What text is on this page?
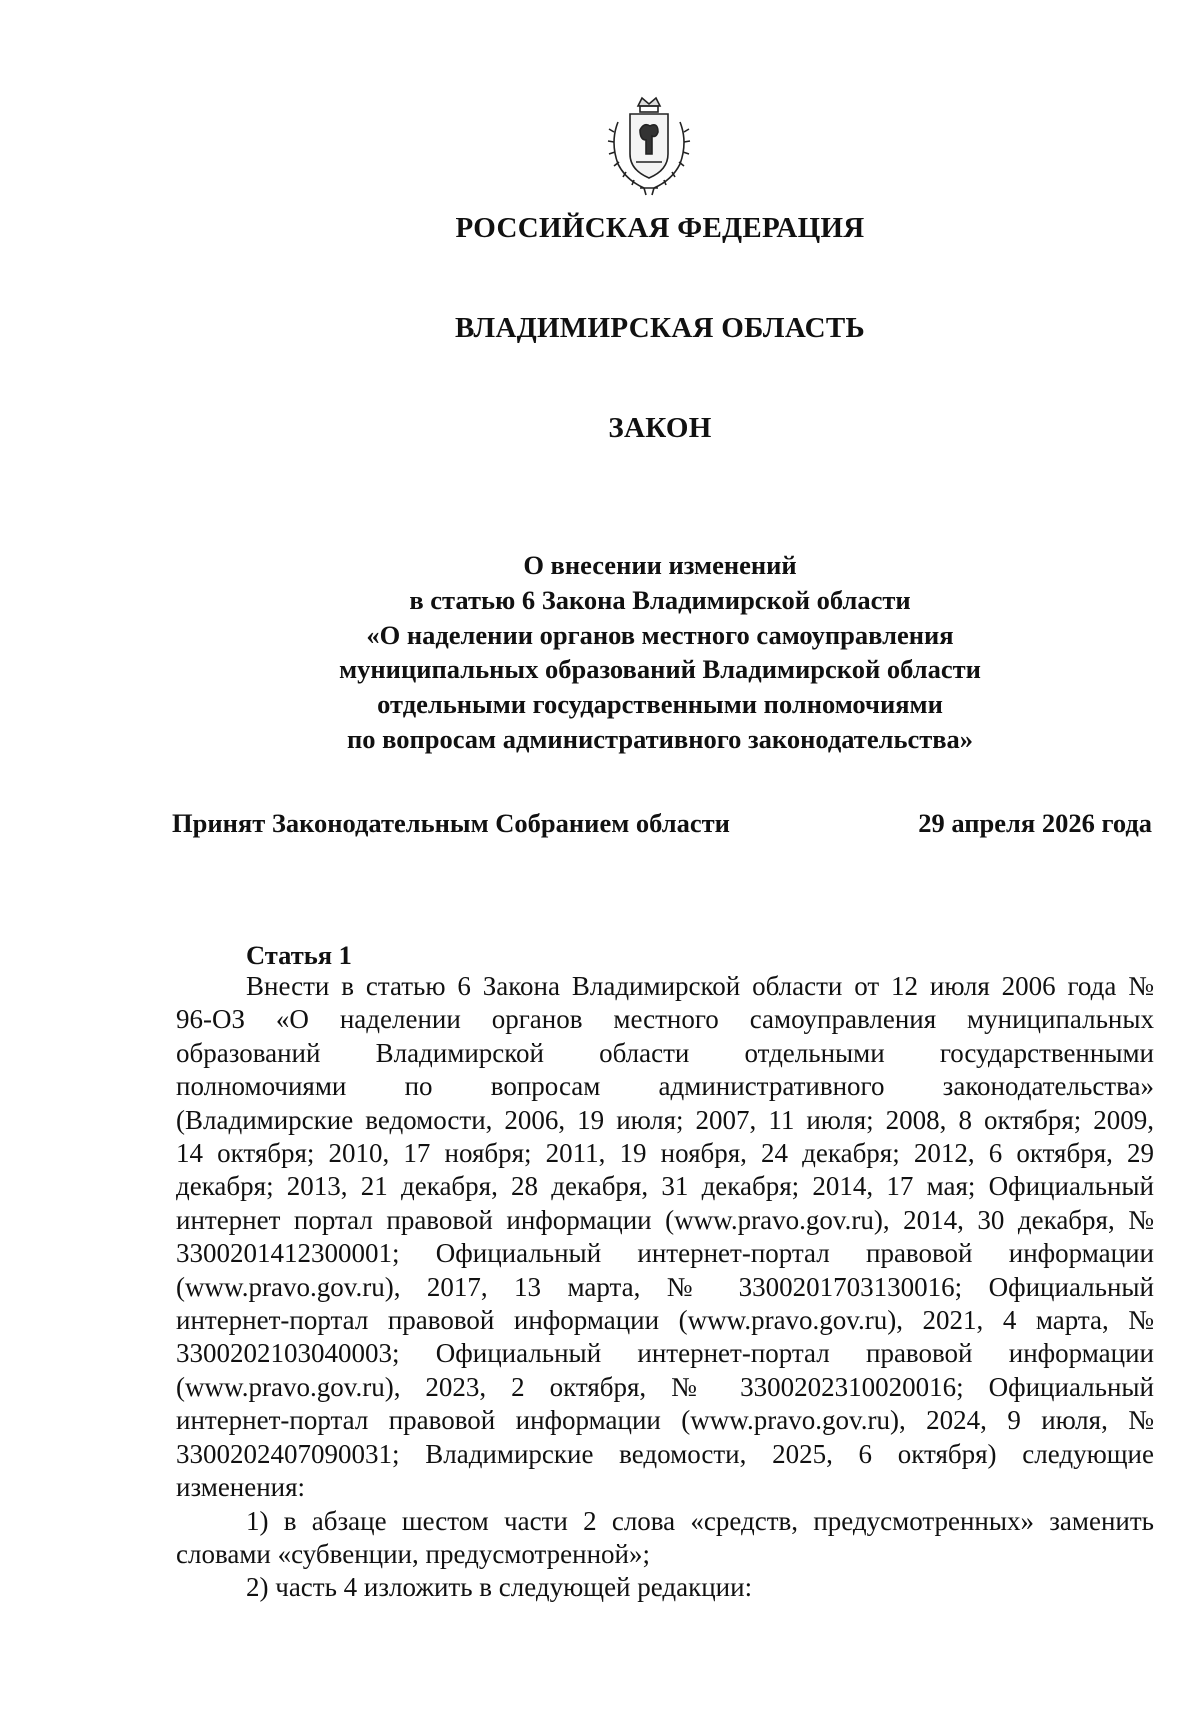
РОССИЙСКАЯ ФЕДЕРАЦИЯ
ВЛАДИМИРСКАЯ ОБЛАСТЬ
ЗАКОН
О внесении изменений
в статью 6 Закона Владимирской области
«О наделении органов местного самоуправления
муниципальных образований Владимирской области
отдельными государственными полномочиями
по вопросам административного законодательства»
Принят Законодательным Собранием области	29 апреля 2026 года
Статья 1
Внести в статью 6 Закона Владимирской области от 12 июля 2006 года №
96-ОЗ «О наделении органов местного самоуправления муниципальных
образований Владимирской области отдельными государственными
полномочиями по вопросам административного законодательства»
(Владимирские ведомости, 2006, 19 июля; 2007, 11 июля; 2008, 8 октября; 2009,
14 октября; 2010, 17 ноября; 2011, 19 ноября, 24 декабря; 2012, 6 октября, 29
декабря; 2013, 21 декабря, 28 декабря, 31 декабря; 2014, 17 мая; Официальный
интернет портал правовой информации (www.pravo.gov.ru), 2014, 30 декабря, №
3300201412300001; Официальный интернет-портал правовой информации
(www.pravo.gov.ru), 2017, 13 марта, № 3300201703130016; Официальный
интернет-портал правовой информации (www.pravo.gov.ru), 2021, 4 марта, №
3300202103040003; Официальный интернет-портал правовой информации
(www.pravo.gov.ru), 2023, 2 октября, № 3300202310020016; Официальный
интернет-портал правовой информации (www.pravo.gov.ru), 2024, 9 июля, №
3300202407090031; Владимирские ведомости, 2025, 6 октября) следующие
изменения:
1) в абзаце шестом части 2 слова «средств, предусмотренных» заменить
словами «субвенции, предусмотренной»;
2) часть 4 изложить в следующей редакции:
